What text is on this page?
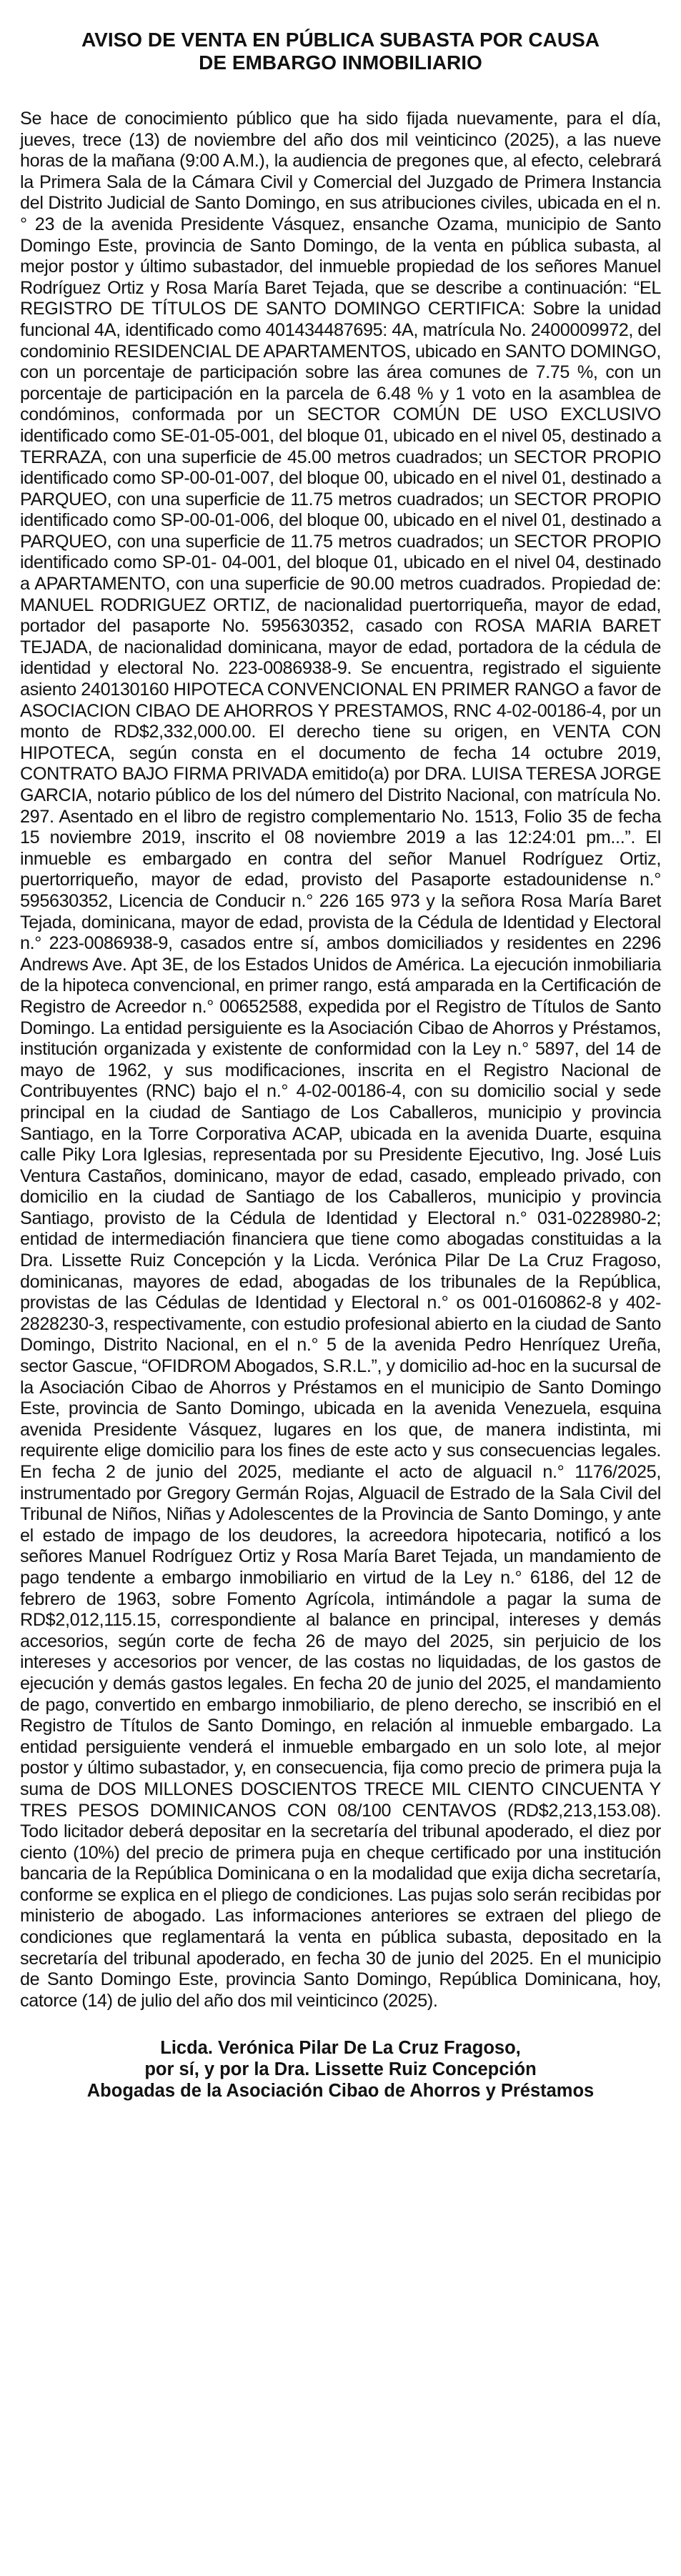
AVISO DE VENTA EN PÚBLICA SUBASTA POR CAUSA
DE EMBARGO INMOBILIARIO

Se hace de conocimiento público que ha sido fijada nuevamente, para el día, jueves, trece (13) de noviembre del año dos mil veinticinco (2025), a las nueve horas de la mañana (9:00 A.M.), la audiencia de pregones que, al efecto, celebrará la Primera Sala de la Cámara Civil y Comercial del Juzgado de Primera Instancia del Distrito Judicial de Santo Domingo, en sus atribuciones civiles, ubicada en el n.° 23 de la avenida Presidente Vásquez, ensanche Ozama, municipio de Santo Domingo Este, provincia de Santo Domingo, de la venta en pública subasta, al mejor postor y último subastador, del inmueble propiedad de los señores Manuel Rodríguez Ortiz y Rosa María Baret Tejada, que se describe a continuación: “EL REGISTRO DE TÍTULOS DE SANTO DOMINGO CERTIFICA: Sobre la unidad funcional 4A, identificado como 401434487695: 4A, matrícula No. 2400009972, del condominio RESIDENCIAL DE APARTAMENTOS, ubicado en SANTO DOMINGO, con un porcentaje de participación sobre las área comunes de 7.75 %, con un porcentaje de participación en la parcela de 6.48 % y 1 voto en la asamblea de condóminos, conformada por un SECTOR COMÚN DE USO EXCLUSIVO identificado como SE-01-05-001, del bloque 01, ubicado en el nivel 05, destinado a TERRAZA, con una superficie de 45.00 metros cuadrados; un SECTOR PROPIO identificado como SP-00-01-007, del bloque 00, ubicado en el nivel 01, destinado a PARQUEO, con una superficie de 11.75 metros cuadrados; un SECTOR PROPIO identificado como SP-00-01-006, del bloque 00, ubicado en el nivel 01, destinado a PARQUEO, con una superficie de 11.75 metros cuadrados; un SECTOR PROPIO identificado como SP-01- 04-001, del bloque 01, ubicado en el nivel 04, destinado a APARTAMENTO, con una superficie de 90.00 metros cuadrados. Propiedad de: MANUEL RODRIGUEZ ORTIZ, de nacionalidad puertorriqueña, mayor de edad, portador del pasaporte No. 595630352, casado con ROSA MARIA BARET TEJADA, de nacionalidad dominicana, mayor de edad, portadora de la cédula de identidad y electoral No. 223-0086938-9. Se encuentra, registrado el siguiente asiento 240130160 HIPOTECA CONVENCIONAL EN PRIMER RANGO a favor de ASOCIACION CIBAO DE AHORROS Y PRESTAMOS, RNC 4-02-00186-4, por un monto de RD$2,332,000.00. El derecho tiene su origen, en VENTA CON HIPOTECA, según consta en el documento de fecha 14 octubre 2019, CONTRATO BAJO FIRMA PRIVADA emitido(a) por DRA. LUISA TERESA JORGE GARCIA, notario público de los del número del Distrito Nacional, con matrícula No. 297. Asentado en el libro de registro complementario No. 1513, Folio 35 de fecha 15 noviembre 2019, inscrito el 08 noviembre 2019 a las 12:24:01 pm...”. El inmueble es embargado en contra del señor Manuel Rodríguez Ortiz, puertorriqueño, mayor de edad, provisto del Pasaporte estadounidense n.° 595630352, Licencia de Conducir n.° 226 165 973 y la señora Rosa María Baret Tejada, dominicana, mayor de edad, provista de la Cédula de Identidad y Electoral n.° 223-0086938-9, casados entre sí, ambos domiciliados y residentes en 2296 Andrews Ave. Apt 3E, de los Estados Unidos de América. La ejecución inmobiliaria de la hipoteca convencional, en primer rango, está amparada en la Certificación de Registro de Acreedor n.° 00652588, expedida por el Registro de Títulos de Santo Domingo. La entidad persiguiente es la Asociación Cibao de Ahorros y Préstamos, institución organizada y existente de conformidad con la Ley n.° 5897, del 14 de mayo de 1962, y sus modificaciones, inscrita en el Registro Nacional de Contribuyentes (RNC) bajo el n.° 4-02-00186-4, con su domicilio social y sede principal en la ciudad de Santiago de Los Caballeros, municipio y provincia Santiago, en la Torre Corporativa ACAP, ubicada en la avenida Duarte, esquina calle Piky Lora Iglesias, representada por su Presidente Ejecutivo, Ing. José Luis Ventura Castaños, dominicano, mayor de edad, casado, empleado privado, con domicilio en la ciudad de Santiago de los Caballeros, municipio y provincia Santiago, provisto de la Cédula de Identidad y Electoral n.° 031-0228980-2; entidad de intermediación financiera que tiene como abogadas constituidas a la Dra. Lissette Ruiz Concepción y la Licda. Verónica Pilar De La Cruz Fragoso, dominicanas, mayores de edad, abogadas de los tribunales de la República, provistas de las Cédulas de Identidad y Electoral n.° os 001-0160862-8 y 402-2828230-3, respectivamente, con estudio profesional abierto en la ciudad de Santo Domingo, Distrito Nacional, en el n.° 5 de la avenida Pedro Henríquez Ureña, sector Gascue, “OFIDROM Abogados, S.R.L.”, y domicilio ad-hoc en la sucursal de la Asociación Cibao de Ahorros y Préstamos en el municipio de Santo Domingo Este, provincia de Santo Domingo, ubicada en la avenida Venezuela, esquina avenida Presidente Vásquez, lugares en los que, de manera indistinta, mi requirente elige domicilio para los fines de este acto y sus consecuencias legales. En fecha 2 de junio del 2025, mediante el acto de alguacil n.° 1176/2025, instrumentado por Gregory Germán Rojas, Alguacil de Estrado de la Sala Civil del Tribunal de Niños, Niñas y Adolescentes de la Provincia de Santo Domingo, y ante el estado de impago de los deudores, la acreedora hipotecaria, notificó a los señores Manuel Rodríguez Ortiz y Rosa María Baret Tejada, un mandamiento de pago tendente a embargo inmobiliario en virtud de la Ley n.° 6186, del 12 de febrero de 1963, sobre Fomento Agrícola, intimándole a pagar la suma de RD$2,012,115.15, correspondiente al balance en principal, intereses y demás accesorios, según corte de fecha 26 de mayo del 2025, sin perjuicio de los intereses y accesorios por vencer, de las costas no liquidadas, de los gastos de ejecución y demás gastos legales. En fecha 20 de junio del 2025, el mandamiento de pago, convertido en embargo inmobiliario, de pleno derecho, se inscribió en el Registro de Títulos de Santo Domingo, en relación al inmueble embargado. La entidad persiguiente venderá el inmueble embargado en un solo lote, al mejor postor y último subastador, y, en consecuencia, fija como precio de primera puja la suma de DOS MILLONES DOSCIENTOS TRECE MIL CIENTO CINCUENTA Y TRES PESOS DOMINICANOS CON 08/100 CENTAVOS (RD$2,213,153.08). Todo licitador deberá depositar en la secretaría del tribunal apoderado, el diez por ciento (10%) del precio de primera puja en cheque certificado por una institución bancaria de la República Dominicana o en la modalidad que exija dicha secretaría, conforme se explica en el pliego de condiciones. Las pujas solo serán recibidas por ministerio de abogado. Las informaciones anteriores se extraen del pliego de condiciones que reglamentará la venta en pública subasta, depositado en la secretaría del tribunal apoderado, en fecha 30 de junio del 2025. En el municipio de Santo Domingo Este, provincia Santo Domingo, República Dominicana, hoy, catorce (14) de julio del año dos mil veinticinco (2025).

Licda. Verónica Pilar De La Cruz Fragoso,
por sí, y por la Dra. Lissette Ruiz Concepción
Abogadas de la Asociación Cibao de Ahorros y Préstamos
